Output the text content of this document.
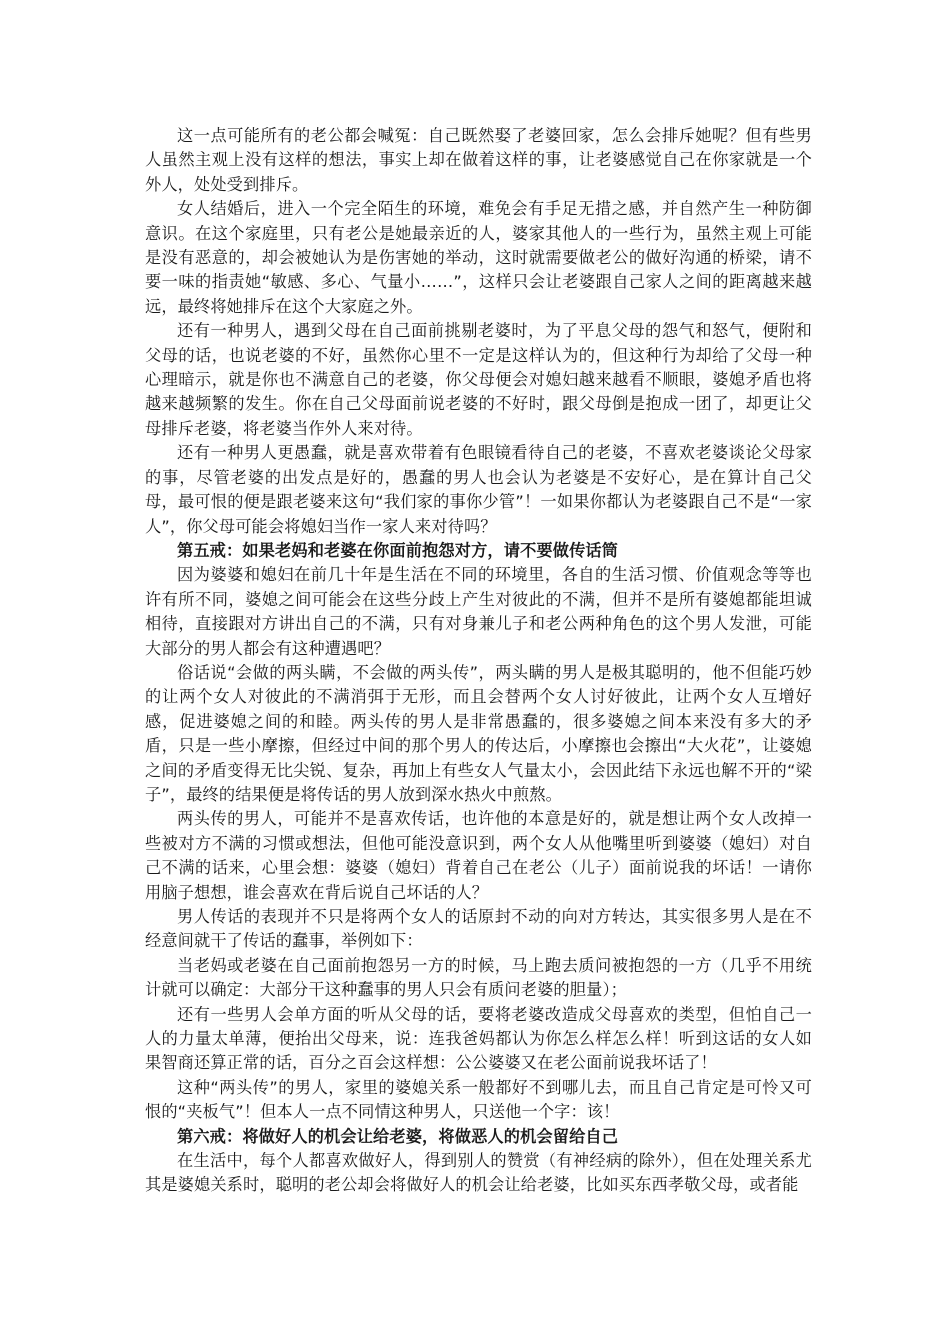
这一点可能所有的老公都会喊冤：自己既然娶了老婆回家，怎么会排斥她呢？但有些男人虽然主观上没有这样的想法，事实上却在做着这样的事，让老婆感觉自己在你家就是一个外人，处处受到排斥。

女人结婚后，进入一个完全陌生的环境，难免会有手足无措之感，并自然产生一种防御意识。在这个家庭里，只有老公是她最亲近的人，婆家其他人的一些行为，虽然主观上可能是没有恶意的，却会被她认为是伤害她的举动，这时就需要做老公的做好沟通的桥梁，请不要一味的指责她“敏感、多心、气量小……”，这样只会让老婆跟自己家人之间的距离越来越远，最终将她排斥在这个大家庭之外。

还有一种男人，遇到父母在自己面前挑剔老婆时，为了平息父母的怨气和怒气，便附和父母的话，也说老婆的不好，虽然你心里不一定是这样认为的，但这种行为却给了父母一种心理暗示，就是你也不满意自己的老婆，你父母便会对媳妇越来越看不顺眼，婆媳矛盾也将越来越频繁的发生。你在自己父母面前说老婆的不好时，跟父母倒是抱成一团了，却更让父母排斥老婆，将老婆当作外人来对待。

还有一种男人更愚蠢，就是喜欢带着有色眼镜看待自己的老婆，不喜欢老婆谈论父母家的事，尽管老婆的出发点是好的，愚蠢的男人也会认为老婆是不安好心，是在算计自己父母，最可恨的便是跟老婆来这句“我们家的事你少管”！一如果你都认为老婆跟自己不是“一家人”，你父母可能会将媳妇当作一家人来对待吗？

第五戒：如果老妈和老婆在你面前抱怨对方，请不要做传话筒

因为婆婆和媳妇在前几十年是生活在不同的环境里，各自的生活习惯、价值观念等等也许有所不同，婆媳之间可能会在这些分歧上产生对彼此的不满，但并不是所有婆媳都能坦诚相待，直接跟对方讲出自己的不满，只有对身兼儿子和老公两种角色的这个男人发泄，可能大部分的男人都会有这种遭遇吧？

俗话说“会做的两头瞒，不会做的两头传”，两头瞒的男人是极其聪明的，他不但能巧妙的让两个女人对彼此的不满消弭于无形，而且会替两个女人讨好彼此，让两个女人互增好感，促进婆媳之间的和睦。两头传的男人是非常愚蠢的，很多婆媳之间本来没有多大的矛盾，只是一些小摩擦，但经过中间的那个男人的传达后，小摩擦也会擦出“大火花”，让婆媳之间的矛盾变得无比尖锐、复杂，再加上有些女人气量太小，会因此结下永远也解不开的“梁子”，最终的结果便是将传话的男人放到深水热火中煎熬。

两头传的男人，可能并不是喜欢传话，也许他的本意是好的，就是想让两个女人改掉一些被对方不满的习惯或想法，但他可能没意识到，两个女人从他嘴里听到婆婆（媳妇）对自己不满的话来，心里会想：婆婆（媳妇）背着自己在老公（儿子）面前说我的坏话！一请你用脑子想想，谁会喜欢在背后说自己坏话的人？

男人传话的表现并不只是将两个女人的话原封不动的向对方转达，其实很多男人是在不经意间就干了传话的蠢事，举例如下：

当老妈或老婆在自己面前抱怨另一方的时候，马上跑去质问被抱怨的一方（几乎不用统计就可以确定：大部分干这种蠢事的男人只会有质问老婆的胆量）；

还有一些男人会单方面的听从父母的话，要将老婆改造成父母喜欢的类型，但怕自己一人的力量太单薄，便抬出父母来，说：连我爸妈都认为你怎么样怎么样！听到这话的女人如果智商还算正常的话，百分之百会这样想：公公婆婆又在老公面前说我坏话了！

这种“两头传”的男人，家里的婆媳关系一般都好不到哪儿去，而且自己肯定是可怜又可恨的“夹板气”！但本人一点不同情这种男人，只送他一个字：该！

第六戒：将做好人的机会让给老婆，将做恶人的机会留给自己

在生活中，每个人都喜欢做好人，得到别人的赞赏（有神经病的除外），但在处理关系尤其是婆媳关系时，聪明的老公却会将做好人的机会让给老婆，比如买东西孝敬父母，或者能
